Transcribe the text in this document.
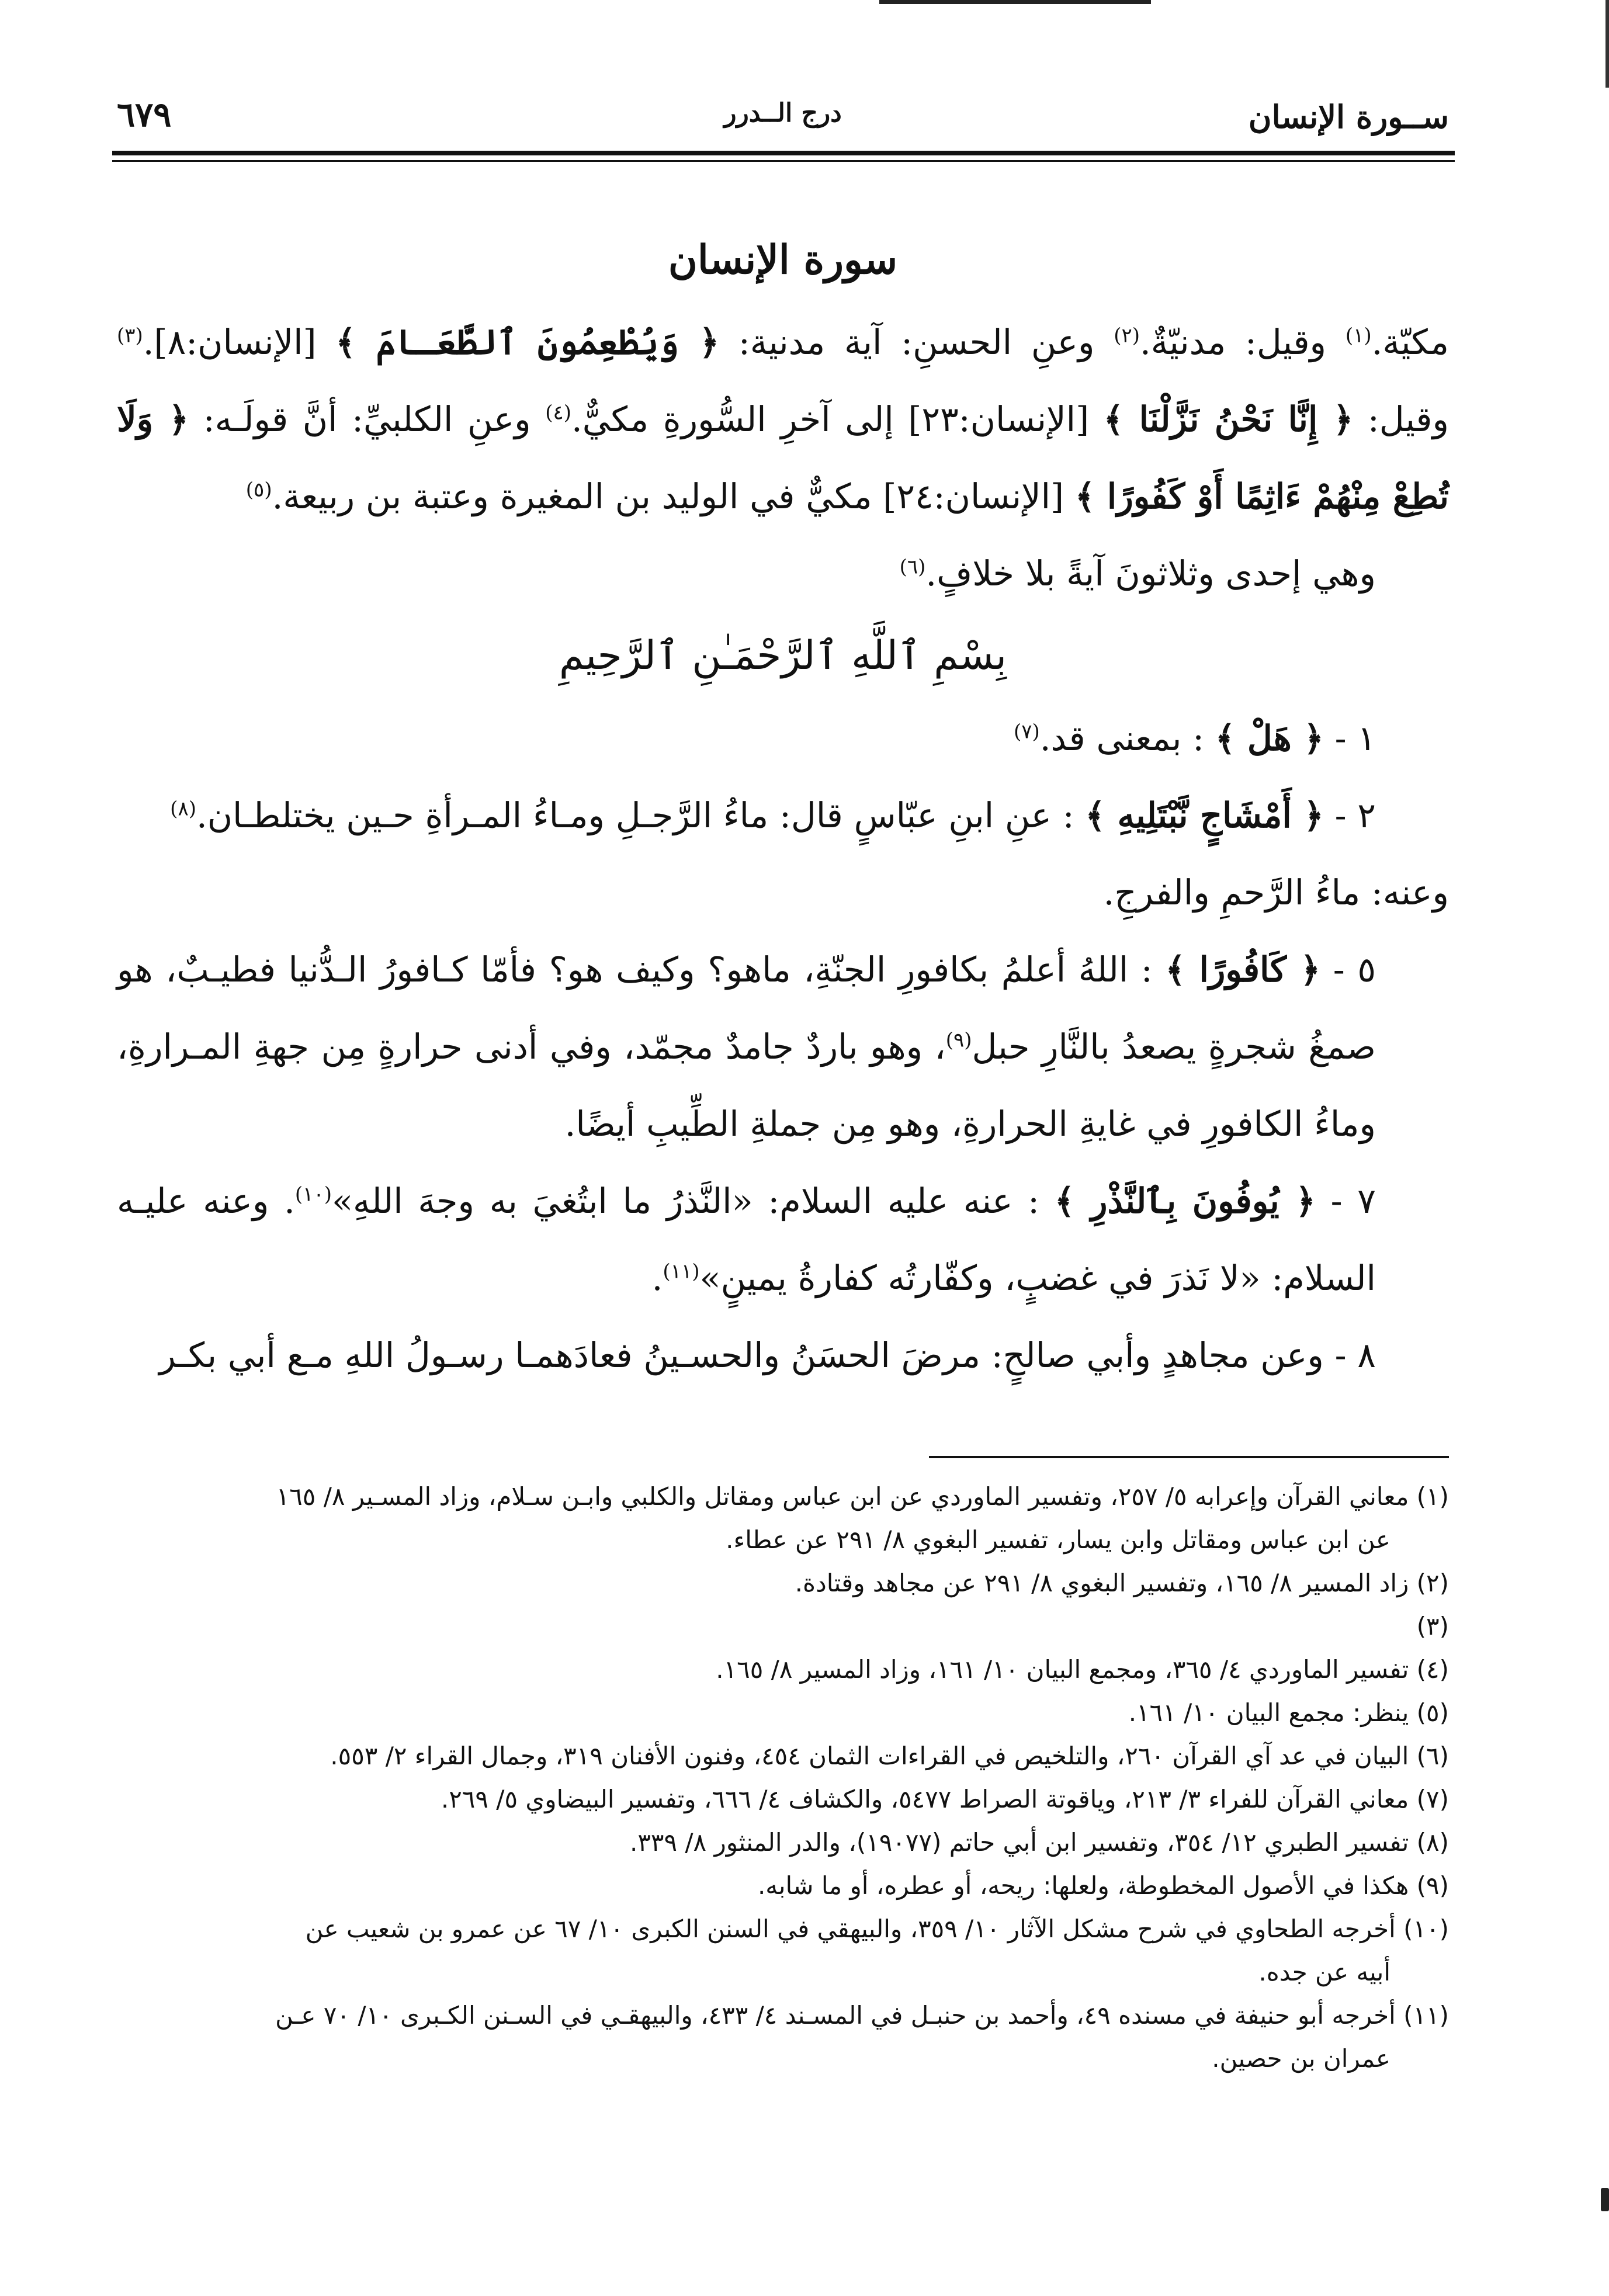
ســورة الإنسان
درج الــدرر
٦٧٩
سورة الإنسان

مكيّة.$^{(١)}$ وقيل: مدنيّةٌ.$^{(٢)}$ وعنِ الحسنِ: آية مدنية: ﴿ وَيُطْعِمُونَ ٱلطَّعَـامَ ﴾ [الإنسان:٨].$^{(٣)}$ وقيل: ﴿ إِنَّا نَحْنُ نَزَّلْنَا ﴾ [الإنسان:٢٣] إلى آخرِ السُّورةِ مكيٌّ.$^{(٤)}$ وعنِ الكلبيِّ: أنَّ قولَـه: ﴿ وَلَا تُطِعْ مِنْهُمْ ءَاثِمًا أَوْ كَفُورًا ﴾ [الإنسان:٢٤] مكيٌّ في الوليد بن المغيرة وعتبة بن ربيعة.$^{(٥)}$

وهي إحدى وثلاثونَ آيةً بلا خلافٍ.$^{(٦)}$

بِسْمِ ٱللَّهِ ٱلرَّحْمَـٰنِ ٱلرَّحِيمِ

١ - ﴿ هَلْ ﴾ : بمعنى قد.$^{(٧)}$

٢ - ﴿ أَمْشَاجٍ نَّبْتَلِيهِ ﴾ : عنِ ابنِ عبّاسٍ قال: ماءُ الرَّجـلِ ومـاءُ المـرأةِ حـين يختلطـان.$^{(٨)}$

وعنه: ماءُ الرَّحمِ والفرجِ.

٥ - ﴿ كَافُورًا ﴾ : اللهُ أعلمُ بكافورِ الجنّةِ، ماهو؟ وكيف هو؟ فأمّا كـافورُ الـدُّنيا فطيـبٌ، هو صمغُ شجرةٍ يصعدُ بالنَّارِ حبل$^{(٩)}$، وهو باردٌ جامدٌ مجمّد، وفي أدنى حرارةٍ مِن جهةِ المـرارةِ، وماءُ الكافورِ في غايةِ الحرارةِ، وهو مِن جملةِ الطِّيبِ أيضًا.

٧ - ﴿ يُوفُونَ بِٱلنَّذْرِ ﴾ : عنه عليه السلام: «النَّذرُ ما ابتُغيَ به وجهَ اللهِ»$^{(١٠)}$. وعنه عليـه السلام: «لا نَذرَ في غضبٍ، وكفّارتُه كفارةُ يمينٍ»$^{(١١)}$.

٨ - وعن مجاهدٍ وأبي صالحٍ: مرضَ الحسَنُ والحسـينُ فعادَهمـا رسـولُ اللهِ مـع أبي بكـر

(١) معاني القرآن وإعرابه ٥/ ٢٥٧، وتفسير الماوردي عن ابن عباس ومقاتل والكلبي وابـن سـلام، وزاد المسـير ٨/ ١٦٥

عن ابن عباس ومقاتل وابن يسار، تفسير البغوي ٨/ ٢٩١ عن عطاء.

(٢) زاد المسير ٨/ ١٦٥، وتفسير البغوي ٨/ ٢٩١ عن مجاهد وقتادة.

(٣)

(٤) تفسير الماوردي ٤/ ٣٦٥، ومجمع البيان ١٠/ ١٦١، وزاد المسير ٨/ ١٦٥.

(٥) ينظر: مجمع البيان ١٠/ ١٦١.

(٦) البيان في عد آي القرآن ٢٦٠، والتلخيص في القراءات الثمان ٤٥٤، وفنون الأفنان ٣١٩، وجمال القراء ٢/ ٥٥٣.

(٧) معاني القرآن للفراء ٣/ ٢١٣، وياقوتة الصراط ٥٤٧٧، والكشاف ٤/ ٦٦٦، وتفسير البيضاوي ٥/ ٢٦٩.

(٨) تفسير الطبري ١٢/ ٣٥٤، وتفسير ابن أبي حاتم (١٩٠٧٧)، والدر المنثور ٨/ ٣٣٩.

(٩) هكذا في الأصول المخطوطة، ولعلها: ريحه، أو عطره، أو ما شابه.

(١٠) أخرجه الطحاوي في شرح مشكل الآثار ١٠/ ٣٥٩، والبيهقي في السنن الكبرى ١٠/ ٦٧ عن عمرو بن شعيب عن

أبيه عن جده.

(١١) أخرجه أبو حنيفة في مسنده ٤٩، وأحمد بن حنبـل في المسـند ٤/ ٤٣٣، والبيهقـي في السـنن الكـبرى ١٠/ ٧٠ عـن

عمران بن حصين.
